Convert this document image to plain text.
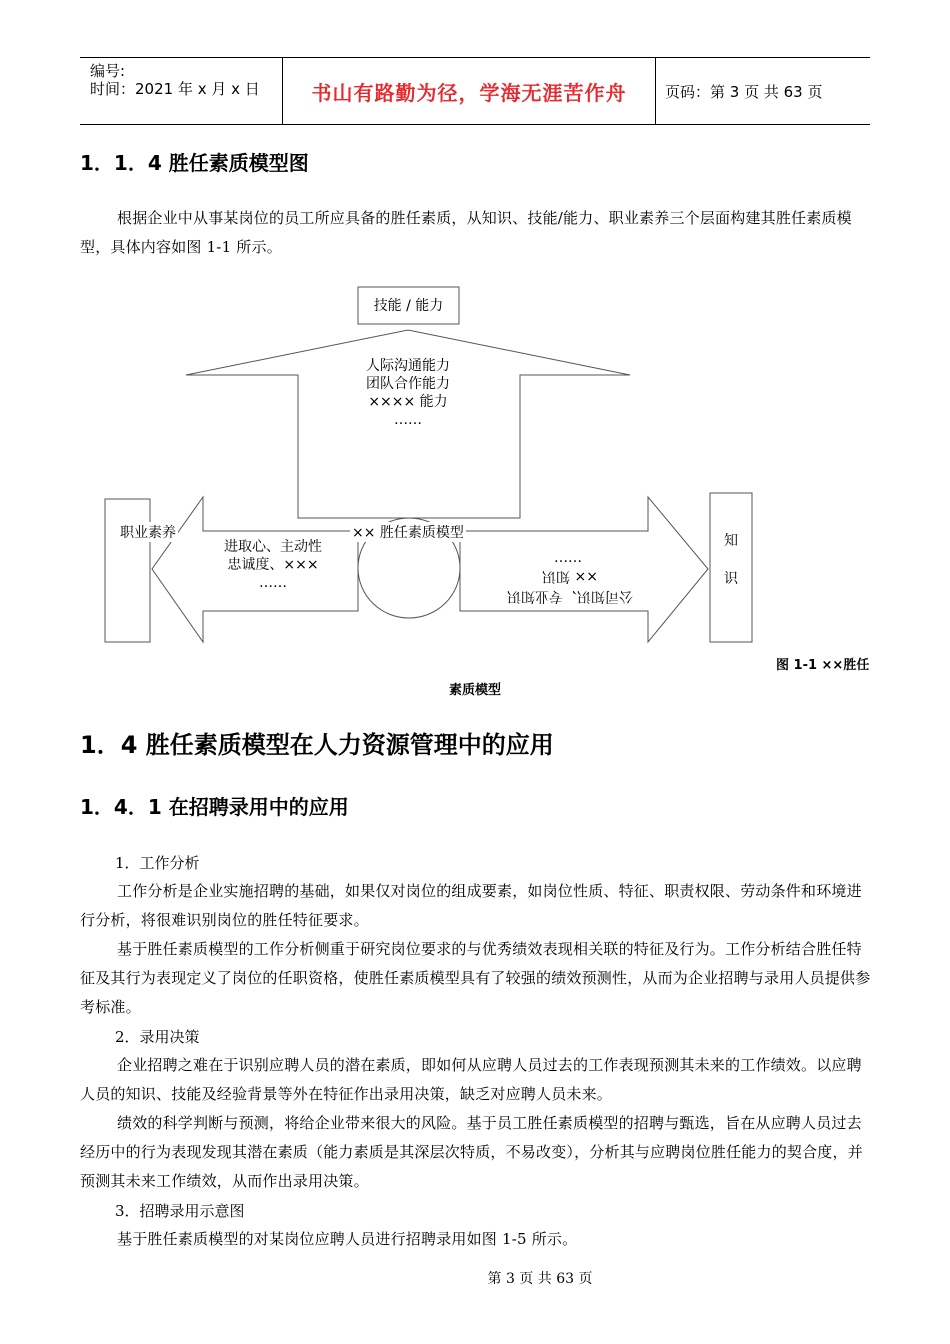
编号:
时间：2021 年 x 月 x 日	书山有路勤为径，学海无涯苦作舟	页码：第 3 页 共 63 页
1．1．4 胜任素质模型图

根据企业中从事某岗位的员工所应具备的胜任素质，从知识、技能/能力、职业素养三个层面构建其胜任素质模型，具体内容如图 1-1 所示。

技能 / 能力
人际沟通能力
团队合作能力
×××× 能力
……
职业素养
进取心、主动性
忠诚度、×××
……
×× 胜任素质模型
……
公司知识、专业知识
×× 知识
知
识
图 1-1 ××胜任
素质模型
1．4 胜任素质模型在人力资源管理中的应用
1．4．1 在招聘录用中的应用

1．工作分析

工作分析是企业实施招聘的基础，如果仅对岗位的组成要素，如岗位性质、特征、职责权限、劳动条件和环境进行分析，将很难识别岗位的胜任特征要求。

基于胜任素质模型的工作分析侧重于研究岗位要求的与优秀绩效表现相关联的特征及行为。工作分析结合胜任特征及其行为表现定义了岗位的任职资格，使胜任素质模型具有了较强的绩效预测性，从而为企业招聘与录用人员提供参考标准。

2．录用决策

企业招聘之难在于识别应聘人员的潜在素质，即如何从应聘人员过去的工作表现预测其未来的工作绩效。以应聘人员的知识、技能及经验背景等外在特征作出录用决策，缺乏对应聘人员未来。

绩效的科学判断与预测，将给企业带来很大的风险。基于员工胜任素质模型的招聘与甄选，旨在从应聘人员过去经历中的行为表现发现其潜在素质（能力素质是其深层次特质，不易改变），分析其与应聘岗位胜任能力的契合度，并预测其未来工作绩效，从而作出录用决策。

3．招聘录用示意图

基于胜任素质模型的对某岗位应聘人员进行招聘录用如图 1-5 所示。

第 3 页 共 63 页
